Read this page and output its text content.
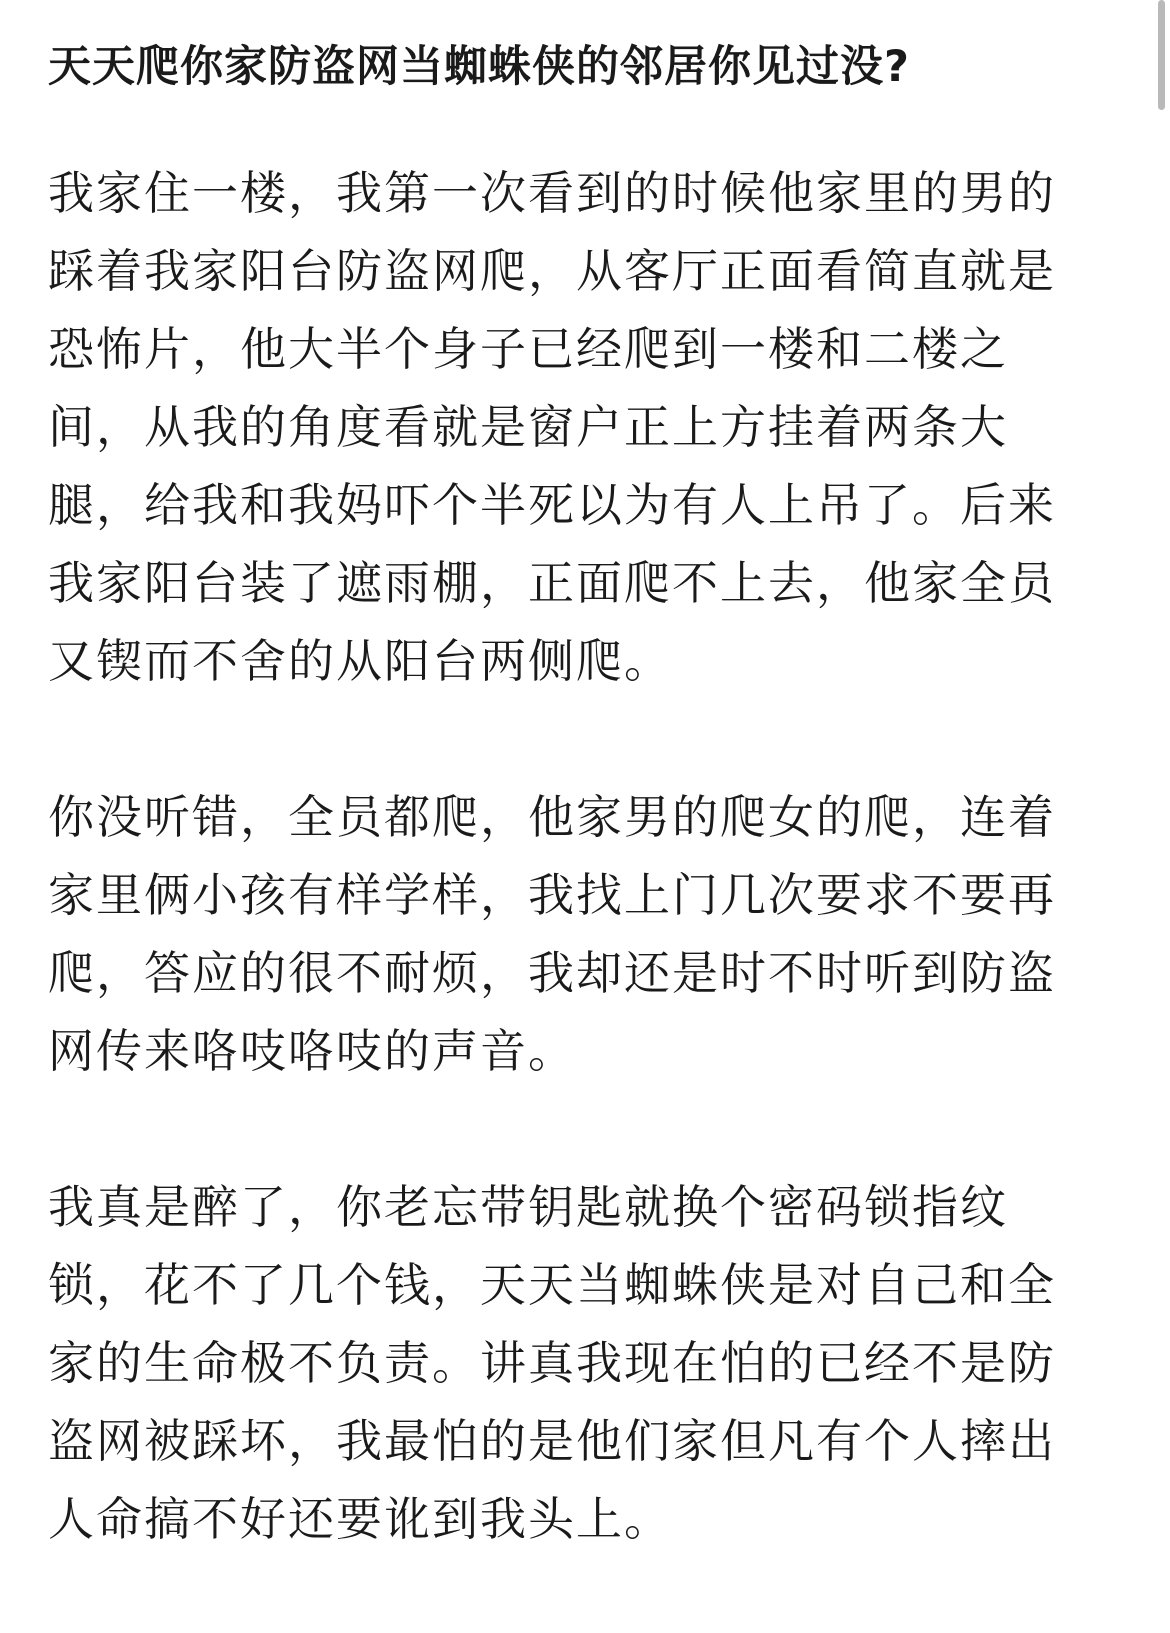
天天爬你家防盗网当蜘蛛侠的邻居你见过没?

我家住一楼，我第一次看到的时候他家里的男的
踩着我家阳台防盗网爬，从客厅正面看简直就是
恐怖片，他大半个身子已经爬到一楼和二楼之
间，从我的角度看就是窗户正上方挂着两条大
腿，给我和我妈吓个半死以为有人上吊了。后来
我家阳台装了遮雨棚，正面爬不上去，他家全员
又锲而不舍的从阳台两侧爬。

你没听错，全员都爬，他家男的爬女的爬，连着
家里俩小孩有样学样，我找上门几次要求不要再
爬，答应的很不耐烦，我却还是时不时听到防盗
网传来咯吱咯吱的声音。

我真是醉了，你老忘带钥匙就换个密码锁指纹
锁，花不了几个钱，天天当蜘蛛侠是对自己和全
家的生命极不负责。讲真我现在怕的已经不是防
盗网被踩坏，我最怕的是他们家但凡有个人摔出
人命搞不好还要讹到我头上。
